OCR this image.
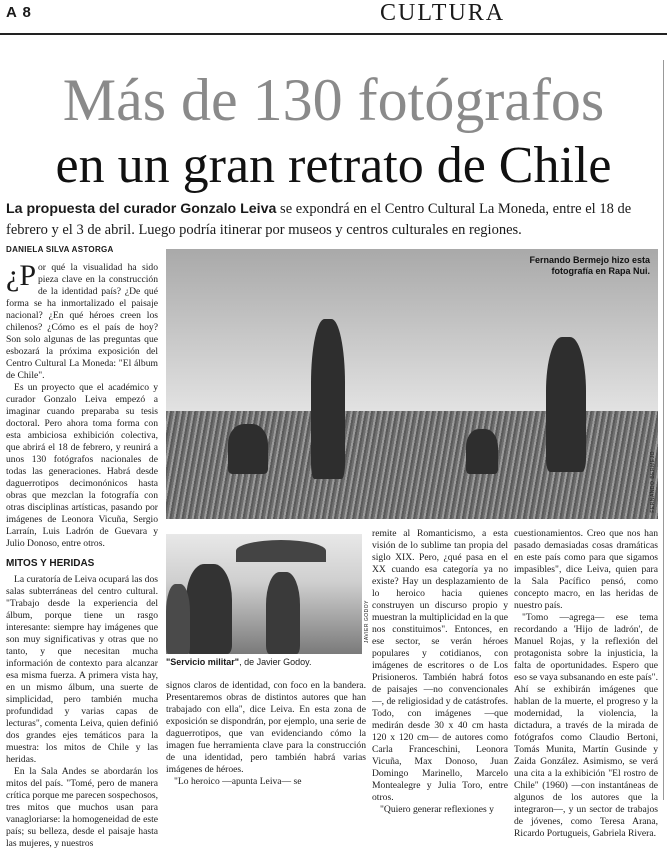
A 8	CULTURA
Más de 130 fotógrafos
en un gran retrato de Chile
La propuesta del curador Gonzalo Leiva se expondrá en el Centro Cultural La Moneda, entre el 18 de febrero y el 3 de abril. Luego podría itinerar por museos y centros culturales en regiones.
DANIELA SILVA ASTORGA

¿P or qué la visualidad ha sido pieza clave en la construcción de la identidad país? ¿De qué forma se ha inmortalizado el paisaje nacional? ¿En qué héroes creen los chilenos? ¿Cómo es el país de hoy? Son solo algunas de las preguntas que esbozará la próxima exposición del Centro Cultural La Moneda: "El álbum de Chile".

Es un proyecto que el académico y curador Gonzalo Leiva empezó a imaginar cuando preparaba su tesis doctoral. Pero ahora toma forma con esta ambiciosa exhibición colectiva, que abrirá el 18 de febrero, y reunirá a unos 130 fotógrafos nacionales de todas las generaciones. Habrá desde daguerrotipos decimonónicos hasta obras que mezclan la fotografía con otras disciplinas artísticas, pasando por imágenes de Leonora Vicuña, Sergio Larraín, Luis Ladrón de Guevara y Julio Donoso, entre otros.

MITOS Y HERIDAS

La curatoría de Leiva ocupará las dos salas subterráneas del centro cultural. "Trabajo desde la experiencia del álbum, porque tiene un rasgo interesante: siempre hay imágenes que son muy significativas y otras que no tanto, y que necesitan mucha información de contexto para alcanzar esa misma fuerza. A primera vista hay, en un mismo álbum, una suerte de simplicidad, pero también mucha profundidad y varias capas de lecturas", comenta Leiva, quien definió dos grandes ejes temáticos para la muestra: los mitos de Chile y las heridas.

En la Sala Andes se abordarán los mitos del país. "Tomé, pero de manera crítica porque me parecen sospechosos, tres mitos que muchos usan para vanagloriarse: la homogeneidad de este país; su belleza, desde el paisaje hasta las mujeres, y nuestros

Fernando Bermejo hizo esta fotografía en Rapa Nui.
FERNANDO BERMEJO

signos claros de identidad, con foco en la bandera. Presentaremos obras de distintos autores que han trabajado con ella", dice Leiva. En esta zona de exposición se dispondrán, por ejemplo, una serie de daguerrotipos, que van evidenciando cómo la imagen fue herramienta clave para la construcción de una identidad, pero también habrá varias imágenes de héroes.

"Lo heroico —apunta Leiva— se

JAVIER GODOY
"Servicio militar", de Javier Godoy.

remite al Romanticismo, a esta visión de lo sublime tan propia del siglo XIX. Pero, ¿qué pasa en el XX cuando esa categoría ya no existe? Hay un desplazamiento de lo heroico hacia quienes construyen un discurso propio y muestran la multiplicidad en la que nos constituimos". Entonces, en ese sector, se verán héroes populares y cotidianos, con imágenes de escritores o de Los Prisioneros. También habrá fotos de paisajes —no convencionales—, de religiosidad y de catástrofes. Todo, con imágenes —que medirán desde 30 x 40 cm hasta 120 x 120 cm— de autores como Carla Franceschini, Leonora Vicuña, Max Donoso, Juan Domingo Marinello, Marcelo Montealegre y Julia Toro, entre otros.

"Quiero generar reflexiones y

cuestionamientos. Creo que nos han pasado demasiadas cosas dramáticas en este país como para que sigamos impasibles", dice Leiva, quien para la Sala Pacífico pensó, como concepto macro, en las heridas de nuestro país.

"Tomo —agrega— ese tema recordando a 'Hijo de ladrón', de Manuel Rojas, y la reflexión del protagonista sobre la injusticia, la falta de oportunidades. Espero que eso se vaya subsanando en este país". Ahí se exhibirán imágenes que hablan de la muerte, el progreso y la modernidad, la violencia, la dictadura, a través de la mirada de fotógrafos como Claudio Bertoni, Tomás Munita, Martín Gusinde y Zaida González. Asimismo, se verá una cita a la exhibición "El rostro de Chile" (1960) —con instantáneas de algunos de los autores que la integraron—, y un sector de trabajos de jóvenes, como Teresa Arana, Ricardo Portugueis, Gabriela Rivera.
